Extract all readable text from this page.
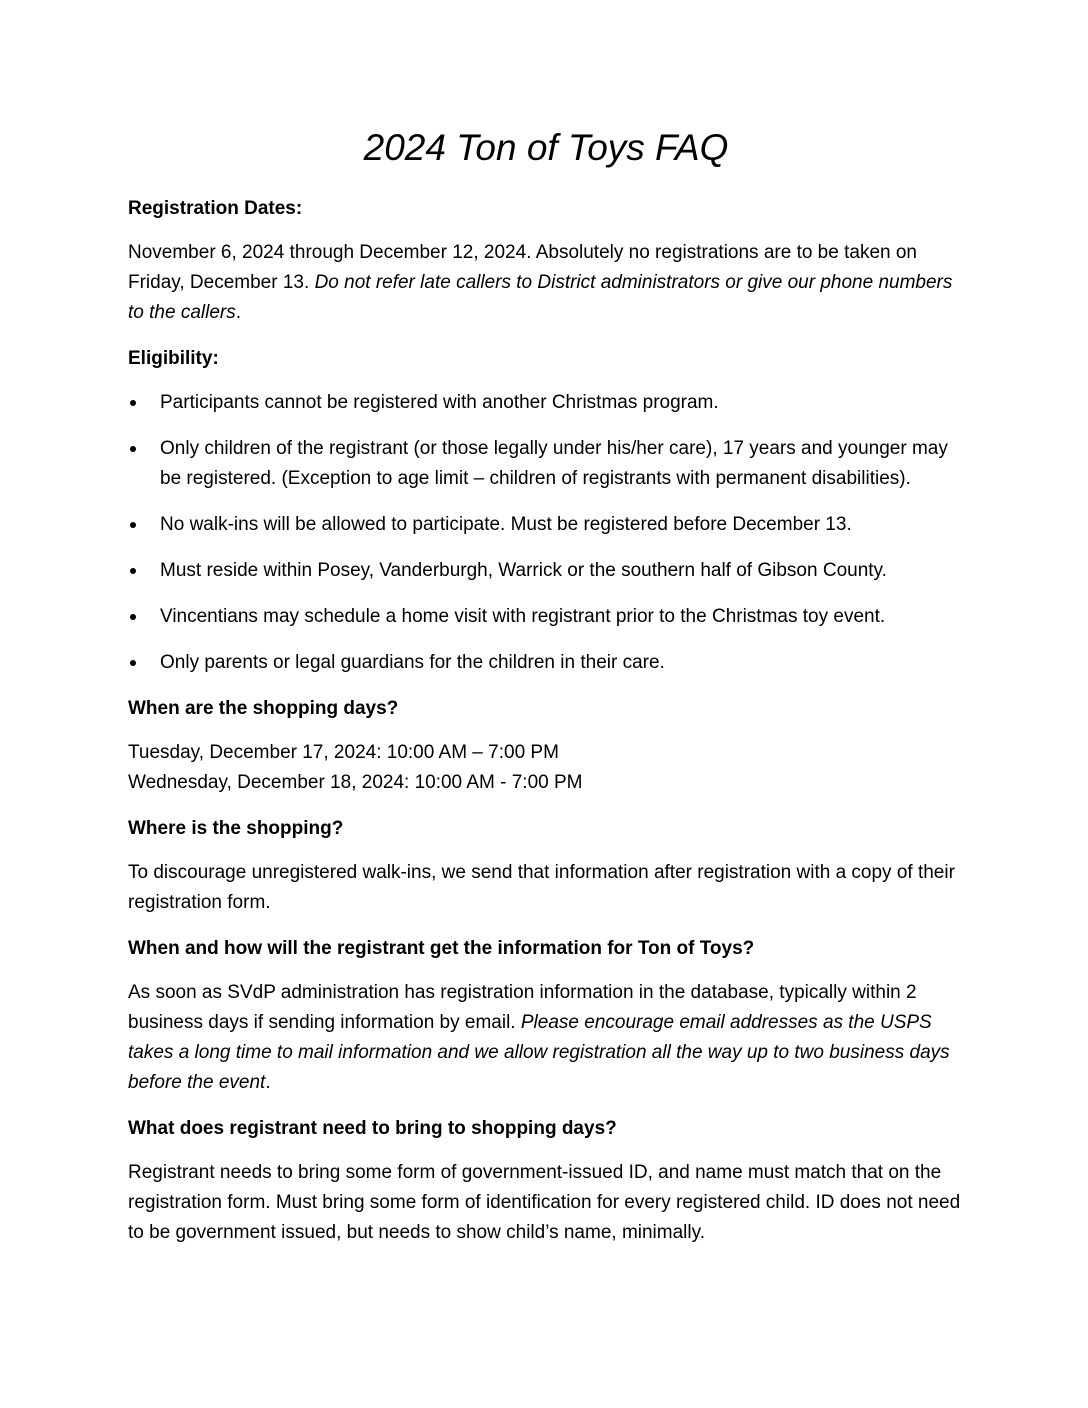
2024 Ton of Toys FAQ
Registration Dates:

November 6, 2024 through December 12, 2024. Absolutely no registrations are to be taken on Friday, December 13. Do not refer late callers to District administrators or give our phone numbers to the callers.

Eligibility:
Participants cannot be registered with another Christmas program.
Only children of the registrant (or those legally under his/her care), 17 years and younger may be registered. (Exception to age limit – children of registrants with permanent disabilities).
No walk-ins will be allowed to participate. Must be registered before December 13.
Must reside within Posey, Vanderburgh, Warrick or the southern half of Gibson County.
Vincentians may schedule a home visit with registrant prior to the Christmas toy event.
Only parents or legal guardians for the children in their care.
When are the shopping days?
Tuesday, December 17, 2024: 10:00 AM – 7:00 PM
Wednesday, December 18, 2024: 10:00 AM - 7:00 PM
Where is the shopping?

To discourage unregistered walk-ins, we send that information after registration with a copy of their registration form.

When and how will the registrant get the information for Ton of Toys?

As soon as SVdP administration has registration information in the database, typically within 2 business days if sending information by email. Please encourage email addresses as the USPS takes a long time to mail information and we allow registration all the way up to two business days before the event.

What does registrant need to bring to shopping days?

Registrant needs to bring some form of government-issued ID, and name must match that on the registration form. Must bring some form of identification for every registered child. ID does not need to be government issued, but needs to show child’s name, minimally.
